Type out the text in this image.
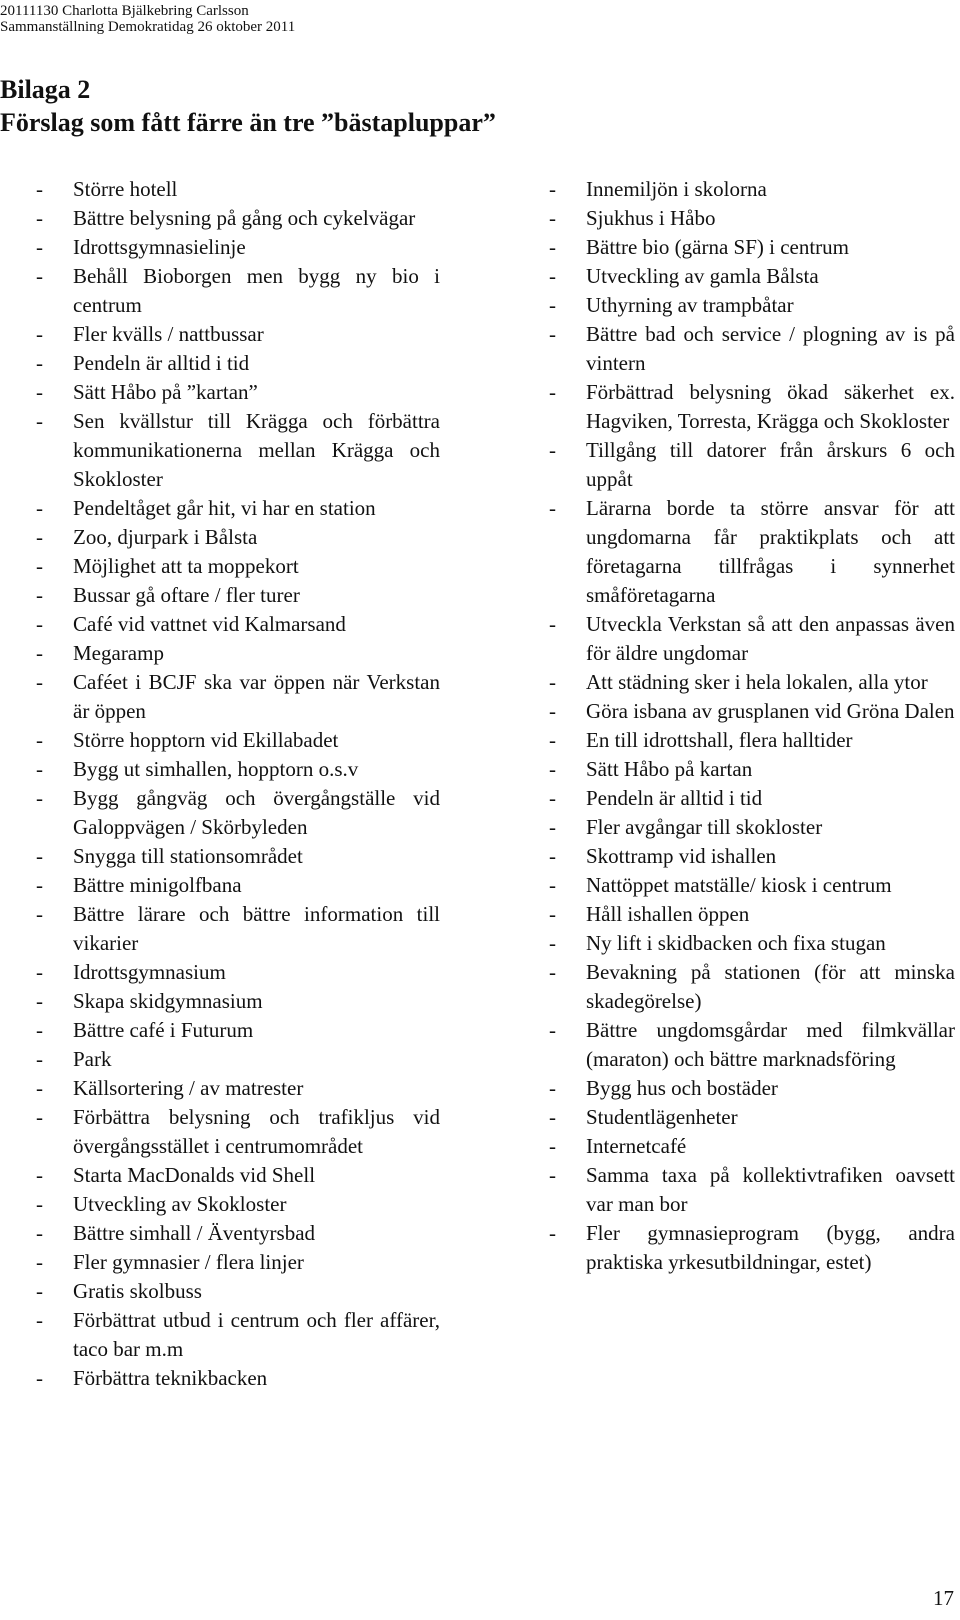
20111130 Charlotta Bjälkebring Carlsson
Sammanställning Demokratidag 26 oktober 2011
Bilaga 2
Förslag som fått färre än tre ”bästapluppar”
- Större hotell
- Bättre belysning på gång och cykelvägar
- Idrottsgymnasielinje
- Behåll Bioborgen men bygg ny bio i centrum
- Fler kvälls / nattbussar
- Pendeln är alltid i tid
- Sätt Håbo på ”kartan”
- Sen kvällstur till Krägga och förbättra kommunikationerna mellan Krägga och Skokloster
- Pendeltåget går hit, vi har en station
- Zoo, djurpark i Bålsta
- Möjlighet att ta moppekort
- Bussar gå oftare / fler turer
- Café vid vattnet vid Kalmarsand
- Megaramp
- Caféet i BCJF ska var öppen när Verkstan är öppen
- Större hopptorn vid Ekillabadet
- Bygg ut simhallen, hopptorn o.s.v
- Bygg gångväg och övergångställe vid Galoppvägen / Skörbyleden
- Snygga till stationsområdet
- Bättre minigolfbana
- Bättre lärare och bättre information till vikarier
- Idrottsgymnasium
- Skapa skidgymnasium
- Bättre café i Futurum
- Park
- Källsortering / av matrester
- Förbättra belysning och trafikljus vid övergångsstället i centrumområdet
- Starta MacDonalds vid Shell
- Utveckling av Skokloster
- Bättre simhall / Äventyrsbad
- Fler gymnasier / flera linjer
- Gratis skolbuss
- Förbättrat utbud i centrum och fler affärer, taco bar m.m
- Förbättra teknikbacken
- Innemiljön i skolorna
- Sjukhus i Håbo
- Bättre bio (gärna SF) i centrum
- Utveckling av gamla Bålsta
- Uthyrning av trampbåtar
- Bättre bad och service / plogning av is på vintern
- Förbättrad belysning ökad säkerhet ex. Hagviken, Torresta, Krägga och Skokloster
- Tillgång till datorer från årskurs 6 och uppåt
- Lärarna borde ta större ansvar för att ungdomarna får praktikplats och att företagarna tillfrågas i synnerhet småföretagarna
- Utveckla Verkstan så att den anpassas även för äldre ungdomar
- Att städning sker i hela lokalen, alla ytor
- Göra isbana av grusplanen vid Gröna Dalen
- En till idrottshall, flera halltider
- Sätt Håbo på kartan
- Pendeln är alltid i tid
- Fler avgångar till skokloster
- Skottramp vid ishallen
- Nattöppet matställe/ kiosk i centrum
- Håll ishallen öppen
- Ny lift i skidbacken och fixa stugan
- Bevakning på stationen (för att minska skadegörelse)
- Bättre ungdomsgårdar med filmkvällar (maraton) och bättre marknadsföring
- Bygg hus och bostäder
- Studentlägenheter
- Internetcafé
- Samma taxa på kollektivtrafiken oavsett var man bor
- Fler gymnasieprogram (bygg, andra praktiska yrkesutbildningar, estet)
17
